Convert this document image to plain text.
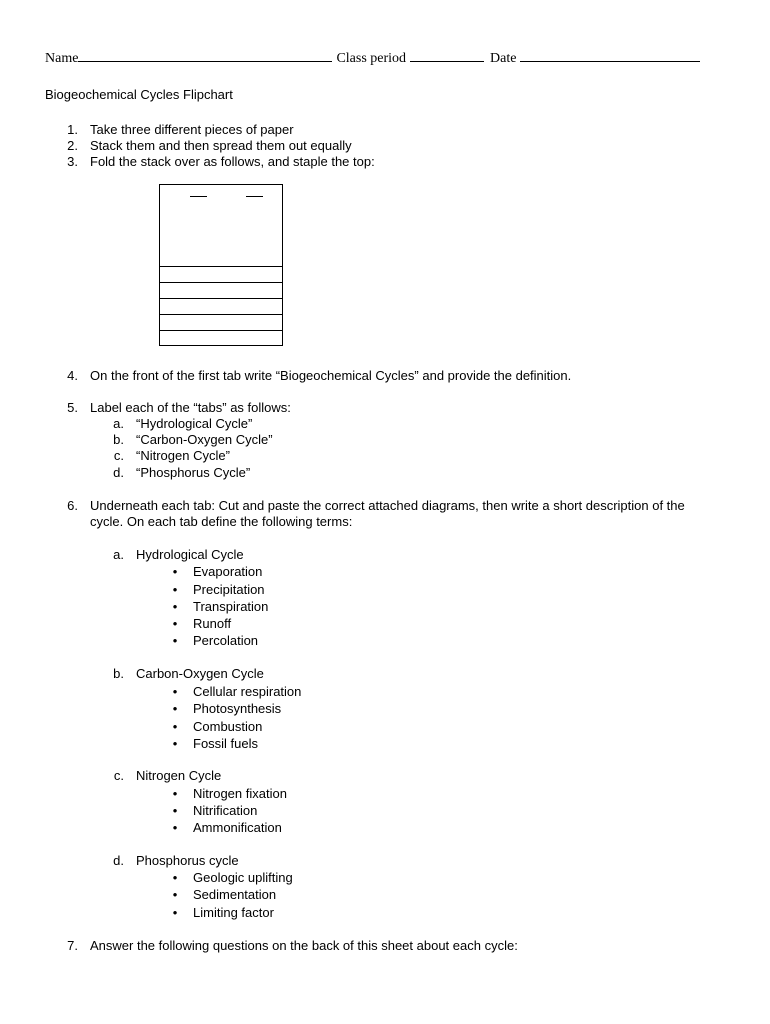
Name	Class period	Date
Biogeochemical Cycles Flipchart
1. Take three different pieces of paper
2. Stack them and then spread them out equally
3. Fold the stack over as follows, and staple the top:
4. On the front of the first tab write “Biogeochemical Cycles” and provide the definition.
5. Label each of the “tabs” as follows:
a. “Hydrological Cycle”
b. “Carbon-Oxygen Cycle”
c. “Nitrogen Cycle”
d. “Phosphorus Cycle”
6. Underneath each tab: Cut and paste the correct attached diagrams, then write a short description of the
cycle. On each tab define the following terms:
a. Hydrological Cycle
• Evaporation
• Precipitation
• Transpiration
• Runoff
• Percolation
b. Carbon-Oxygen Cycle
• Cellular respiration
• Photosynthesis
• Combustion
• Fossil fuels
c. Nitrogen Cycle
• Nitrogen fixation
• Nitrification
• Ammonification
d. Phosphorus cycle
• Geologic uplifting
• Sedimentation
• Limiting factor
7. Answer the following questions on the back of this sheet about each cycle:
